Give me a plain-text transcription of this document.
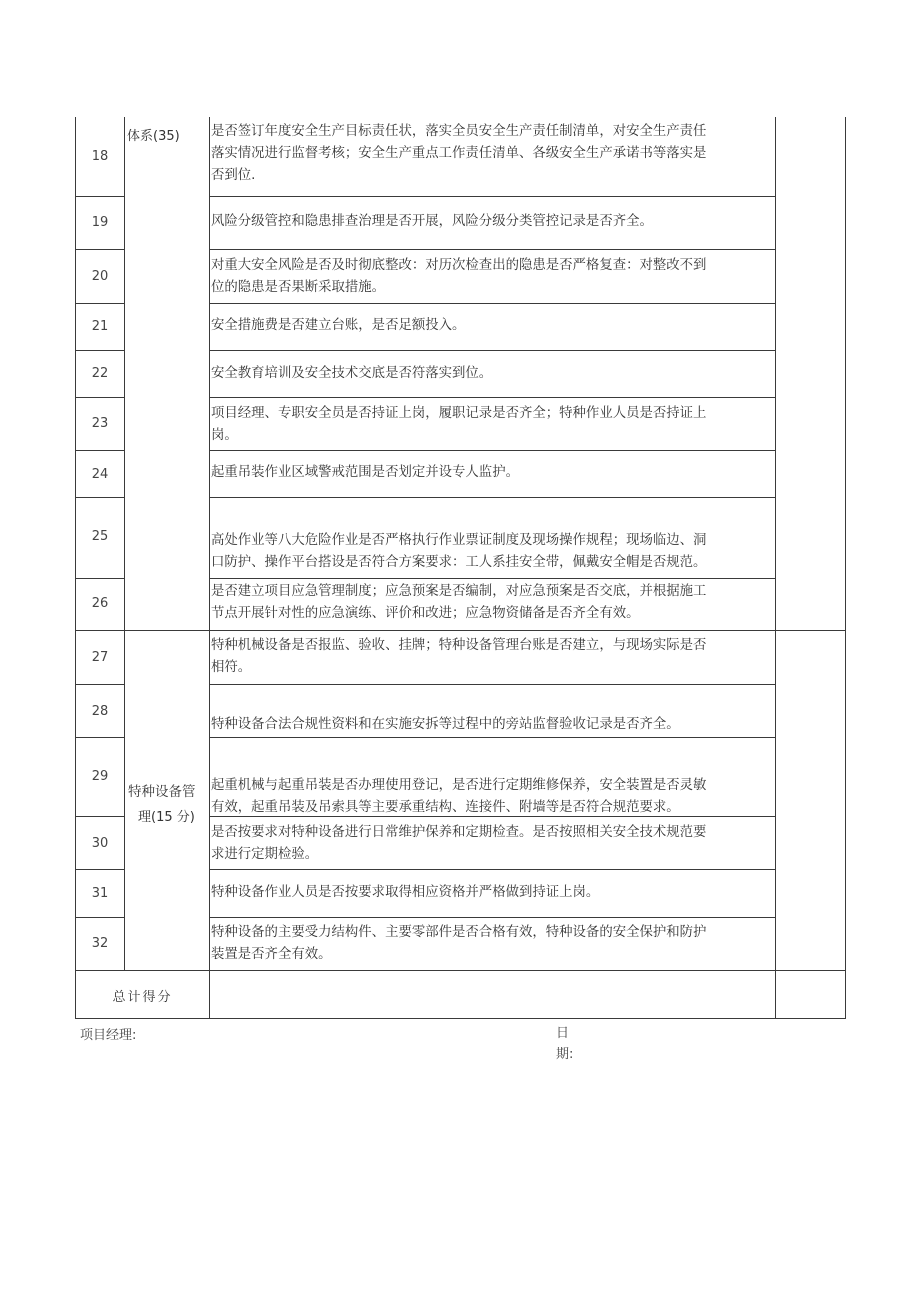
体系(35)
特种设备管
理(15 分)
18
19
20
21
22
23
24
25
26
27
28
29
30
31
32
是否签订年度安全生产目标责任状，落实全员安全生产责任制清单，对安全生产责任
落实情况进行监督考核；安全生产重点工作责任清单、各级安全生产承诺书等落实是
否到位.
风险分级管控和隐患排查治理是否开展，风险分级分类管控记录是否齐全。
对重大安全风险是否及时彻底整改：对历次检查出的隐患是否严格复查：对整改不到
位的隐患是否果断采取措施。
安全措施费是否建立台账，是否足额投入。
安全教育培训及安全技术交底是否符落实到位。
项目经理、专职安全员是否持证上岗，履职记录是否齐全；特种作业人员是否持证上
岗。
起重吊装作业区域警戒范围是否划定并设专人监护。
高处作业等八大危险作业是否严格执行作业票证制度及现场操作规程；现场临边、洞
口防护、操作平台搭设是否符合方案要求：工人系挂安全带，佩戴安全帽是否规范。
是否建立项目应急管理制度；应急预案是否编制，对应急预案是否交底，并根据施工
节点开展针对性的应急演练、评价和改进；应急物资储备是否齐全有效。
特种机械设备是否报监、验收、挂牌；特种设备管理台账是否建立，与现场实际是否
相符。
特种设备合法合规性资料和在实施安拆等过程中的旁站监督验收记录是否齐全。
起重机械与起重吊装是否办理使用登记，是否进行定期维修保养，安全装置是否灵敏
有效，起重吊装及吊索具等主要承重结构、连接件、附墙等是否符合规范要求。
是否按要求对特种设备进行日常维护保养和定期检查。是否按照相关安全技术规范要
求进行定期检验。
特种设备作业人员是否按要求取得相应资格并严格做到持证上岗。
特种设备的主要受力结构件、主要零部件是否合格有效，特种设备的安全保护和防护
装置是否齐全有效。
总计得分
项目经理:	日
期:
